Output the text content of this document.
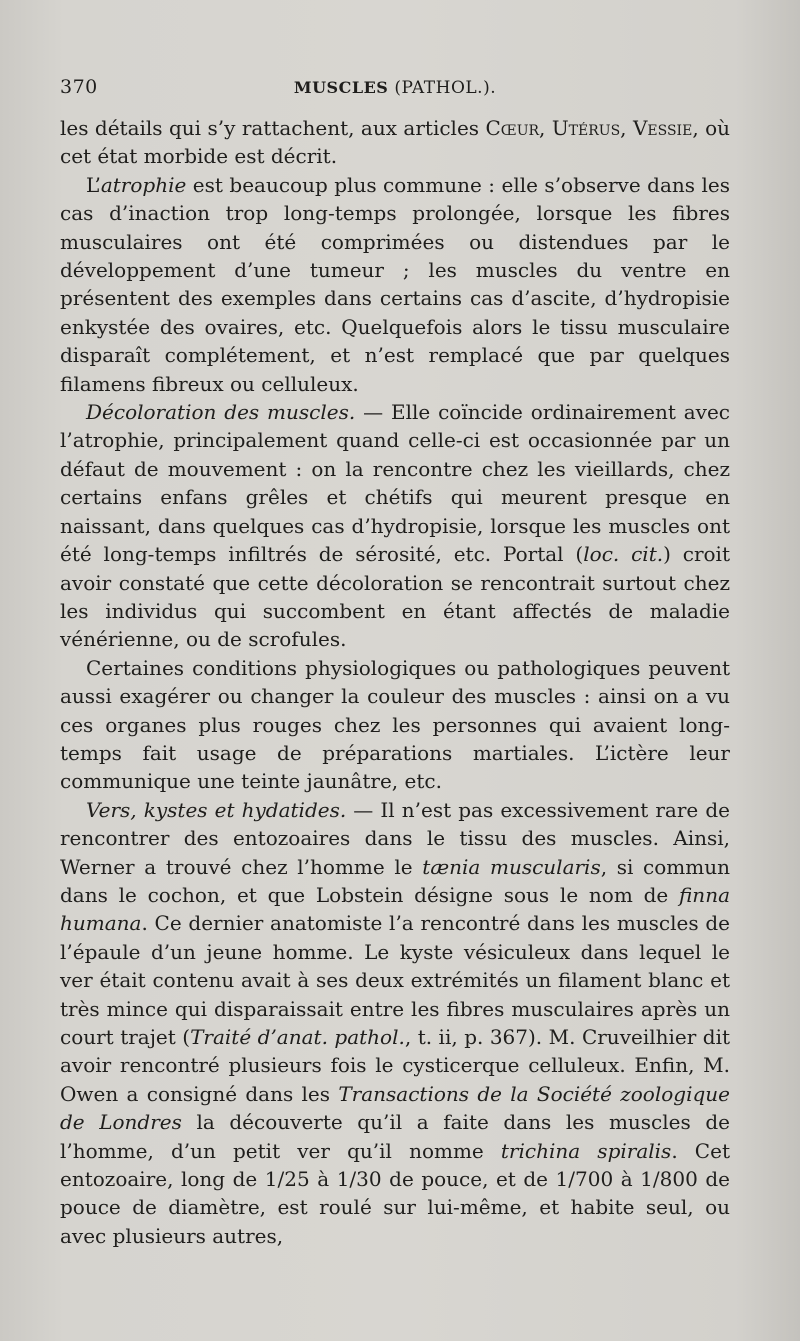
370	MUSCLES (PATHOL.).

les détails qui s’y rattachent, aux articles Cœur, Utérus, Vessie, où cet état morbide est décrit.

L’atrophie est beaucoup plus commune : elle s’observe dans les cas d’inaction trop long-temps prolongée, lorsque les fibres musculaires ont été comprimées ou distendues par le développement d’une tumeur ; les muscles du ventre en présentent des exemples dans certains cas d’ascite, d’hydropisie enkystée des ovaires, etc. Quelquefois alors le tissu musculaire disparaît complétement, et n’est remplacé que par quelques filamens fibreux ou celluleux.

Décoloration des muscles. — Elle coïncide ordinairement avec l’atrophie, principalement quand celle-ci est occasionnée par un défaut de mouvement : on la rencontre chez les vieillards, chez certains enfans grêles et chétifs qui meurent presque en naissant, dans quelques cas d’hydropisie, lorsque les muscles ont été long-temps infiltrés de sérosité, etc. Portal (loc. cit.) croit avoir constaté que cette décoloration se rencontrait surtout chez les individus qui succombent en étant affectés de maladie vénérienne, ou de scrofules.

Certaines conditions physiologiques ou pathologiques peuvent aussi exagérer ou changer la couleur des muscles : ainsi on a vu ces organes plus rouges chez les personnes qui avaient long-temps fait usage de préparations martiales. L’ictère leur communique une teinte jaunâtre, etc.

Vers, kystes et hydatides. — Il n’est pas excessivement rare de rencontrer des entozoaires dans le tissu des muscles. Ainsi, Werner a trouvé chez l’homme le tænia muscularis, si commun dans le cochon, et que Lobstein désigne sous le nom de finna humana. Ce dernier anatomiste l’a rencontré dans les muscles de l’épaule d’un jeune homme. Le kyste vésiculeux dans lequel le ver était contenu avait à ses deux extrémités un filament blanc et très mince qui disparaissait entre les fibres musculaires après un court trajet (Traité d’anat. pathol., t. ii, p. 367). M. Cruveilhier dit avoir rencontré plusieurs fois le cysticerque celluleux. Enfin, M. Owen a consigné dans les Transactions de la Société zoologique de Londres la découverte qu’il a faite dans les muscles de l’homme, d’un petit ver qu’il nomme trichina spiralis. Cet entozoaire, long de 1/25 à 1/30 de pouce, et de 1/700 à 1/800 de pouce de diamètre, est roulé sur lui-même, et habite seul, ou avec plusieurs autres,
